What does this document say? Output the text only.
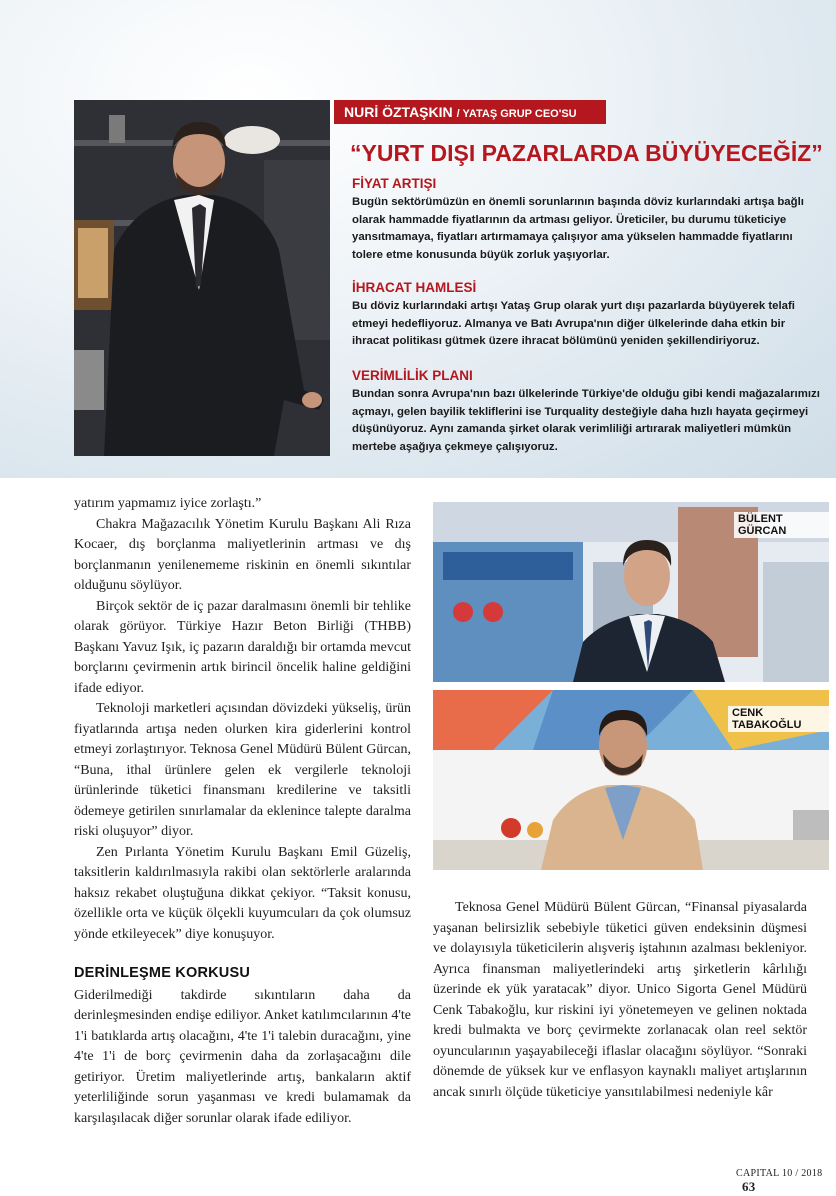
NURİ ÖZTAŞKIN / YATAŞ GRUP CEO'SU
“YURT DIŞI PAZARLARDA BÜYÜYECEĞİZ”
FİYAT ARTIŞI
Bugün sektörümüzün en önemli sorunlarının başında döviz kurlarındaki artışa bağlı olarak hammadde fiyatlarının da artması geliyor. Üreticiler, bu durumu tüketiciye yansıtmamaya, fiyatları artırmamaya çalışıyor ama yükselen hammadde fiyatlarını tolere etme konusunda büyük zorluk yaşıyorlar.
İHRACAT HAMLESİ
Bu döviz kurlarındaki artışı Yataş Grup olarak yurt dışı pazarlarda büyüyerek telafi etmeyi hedefliyoruz. Almanya ve Batı Avrupa'nın diğer ülkelerinde daha etkin bir ihracat politikası gütmek üzere ihracat bölümünü yeniden şekillendiriyoruz.
VERİMLİLİK PLANI
Bundan sonra Avrupa'nın bazı ülkelerinde Türkiye'de olduğu gibi kendi mağazalarımızı açmayı, gelen bayilik tekliflerini ise Turquality desteğiyle daha hızlı hayata geçirmeyi düşünüyoruz. Aynı zamanda şirket olarak verimliliği artırarak maliyetleri mümkün mertebe aşağıya çekmeye çalışıyoruz.

yatırım yapmamız iyice zorlaştı.”

Chakra Mağazacılık Yönetim Kurulu Başkanı Ali Rıza Kocaer, dış borçlanma maliyetlerinin artması ve dış borçlanmanın yenilenememe riskinin en önemli sıkıntılar olduğunu söylüyor.

Birçok sektör de iç pazar daralmasını önemli bir tehlike olarak görüyor. Türkiye Hazır Beton Birliği (THBB) Başkanı Yavuz Işık, iç pazarın daraldığı bir ortamda mevcut borçlarını çevirmenin artık birincil öncelik haline geldiğini ifade ediyor.

Teknoloji marketleri açısından dövizdeki yükseliş, ürün fiyatlarında artışa neden olurken kira giderlerini kontrol etmeyi zorlaştırıyor. Teknosa Genel Müdürü Bülent Gürcan, “Buna, ithal ürünlere gelen ek vergilerle teknoloji ürünlerinde tüketici finansmanı kredilerine ve taksitli ödemeye getirilen sınırlamalar da eklenince talepte daralma riski oluşuyor” diyor.

Zen Pırlanta Yönetim Kurulu Başkanı Emil Güzeliş, taksitlerin kaldırılmasıyla rakibi olan sektörlerle aralarında haksız rekabet oluştuğuna dikkat çekiyor. “Taksit konusu, özellikle orta ve küçük ölçekli kuyumcuları da çok olumsuz yönde etkileyecek” diye konuşuyor.

DERİNLEŞME KORKUSU

Giderilmediği takdirde sıkıntıların daha da derinleşmesinden endişe ediliyor. Anket katılımcılarının 4'te 1'i batıklarda artış olacağını, 4'te 1'i talebin duracağını, yine 4'te 1'i de borç çevirmenin daha da zorlaşacağını dile getiriyor. Üretim maliyetlerinde artış, bankaların aktif yeterliliğinde sorun yaşanması ve kredi bulamamak da karşılaşılacak diğer sorunlar olarak ifade ediliyor.

BÜLENT GÜRCAN
CENK TABAKOĞLU

Teknosa Genel Müdürü Bülent Gürcan, “Finansal piyasalarda yaşanan belirsizlik sebebiyle tüketici güven endeksinin düşmesi ve dolayısıyla tüketicilerin alışveriş iştahının azalması bekleniyor. Ayrıca finansman maliyetlerindeki artış şirketlerin kârlılığı üzerinde ek yük yaratacak” diyor. Unico Sigorta Genel Müdürü Cenk Tabakoğlu, kur riskini iyi yönetemeyen ve gelinen noktada kredi bulmakta ve borç çevirmekte zorlanacak olan reel sektör oyuncularının yaşayabileceği iflaslar olacağını söylüyor. “Sonraki dönemde de yüksek kur ve enflasyon kaynaklı maliyet artışlarının ancak sınırlı ölçüde tüketiciye yansıtılabilmesi nedeniyle kâr

CAPITAL 10 / 2018 63
